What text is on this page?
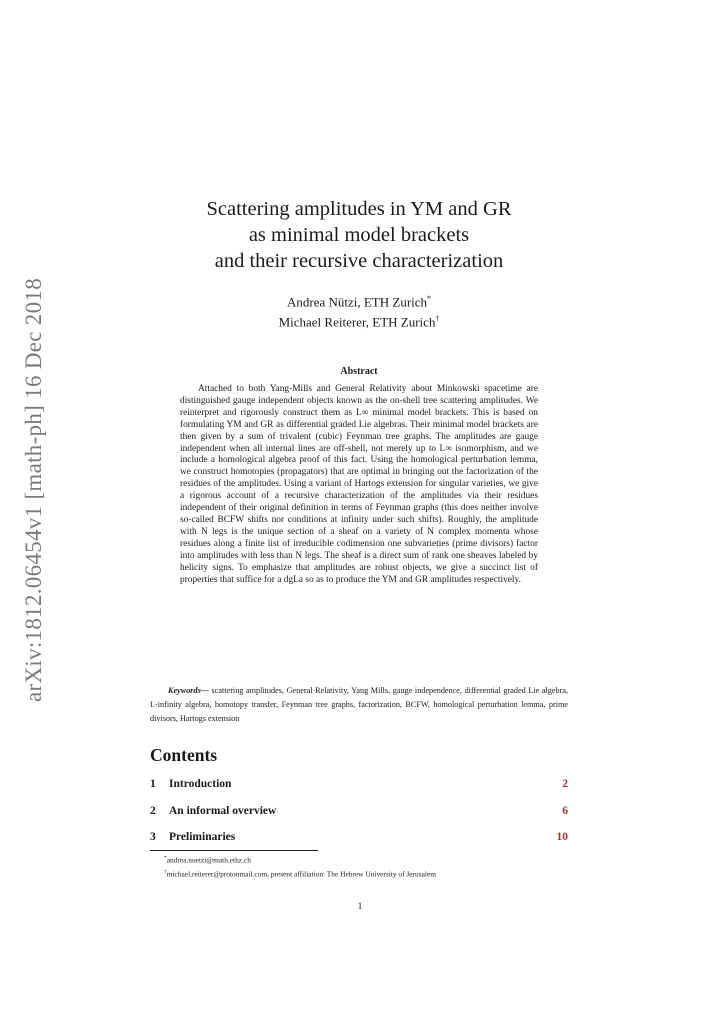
arXiv:1812.06454v1 [math-ph] 16 Dec 2018
Scattering amplitudes in YM and GR
as minimal model brackets
and their recursive characterization
Andrea Nützi, ETH Zurich*
Michael Reiterer, ETH Zurich†
Abstract
Attached to both Yang-Mills and General Relativity about Minkowski spacetime are distinguished gauge independent objects known as the on-shell tree scattering amplitudes. We reinterpret and rigorously construct them as L∞ minimal model brackets. This is based on formulating YM and GR as differential graded Lie algebras. Their minimal model brackets are then given by a sum of trivalent (cubic) Feynman tree graphs. The amplitudes are gauge independent when all internal lines are off-shell, not merely up to L∞ isomorphism, and we include a homological algebra proof of this fact. Using the homological perturbation lemma, we construct homotopies (propagators) that are optimal in bringing out the factorization of the residues of the amplitudes. Using a variant of Hartogs extension for singular varieties, we give a rigorous account of a recursive characterization of the amplitudes via their residues independent of their original definition in terms of Feynman graphs (this does neither involve so-called BCFW shifts nor conditions at infinity under such shifts). Roughly, the amplitude with N legs is the unique section of a sheaf on a variety of N complex momenta whose residues along a finite list of irreducible codimension one subvarieties (prime divisors) factor into amplitudes with less than N legs. The sheaf is a direct sum of rank one sheaves labeled by helicity signs. To emphasize that amplitudes are robust objects, we give a succinct list of properties that suffice for a dgLa so as to produce the YM and GR amplitudes respectively.
Keywords— scattering amplitudes, General Relativity, Yang Mills, gauge independence, differential graded Lie algebra, L-infinity algebra, homotopy transfer, Feynman tree graphs, factorization, BCFW, homological perturbation lemma, prime divisors, Hartogs extension
Contents
1	Introduction	2
2	An informal overview	6
3	Preliminaries	10
*andrea.nuetzi@math.ethz.ch
†michael.reiterer@protonmail.com, present affiliation: The Hebrew University of Jerusalem
1
